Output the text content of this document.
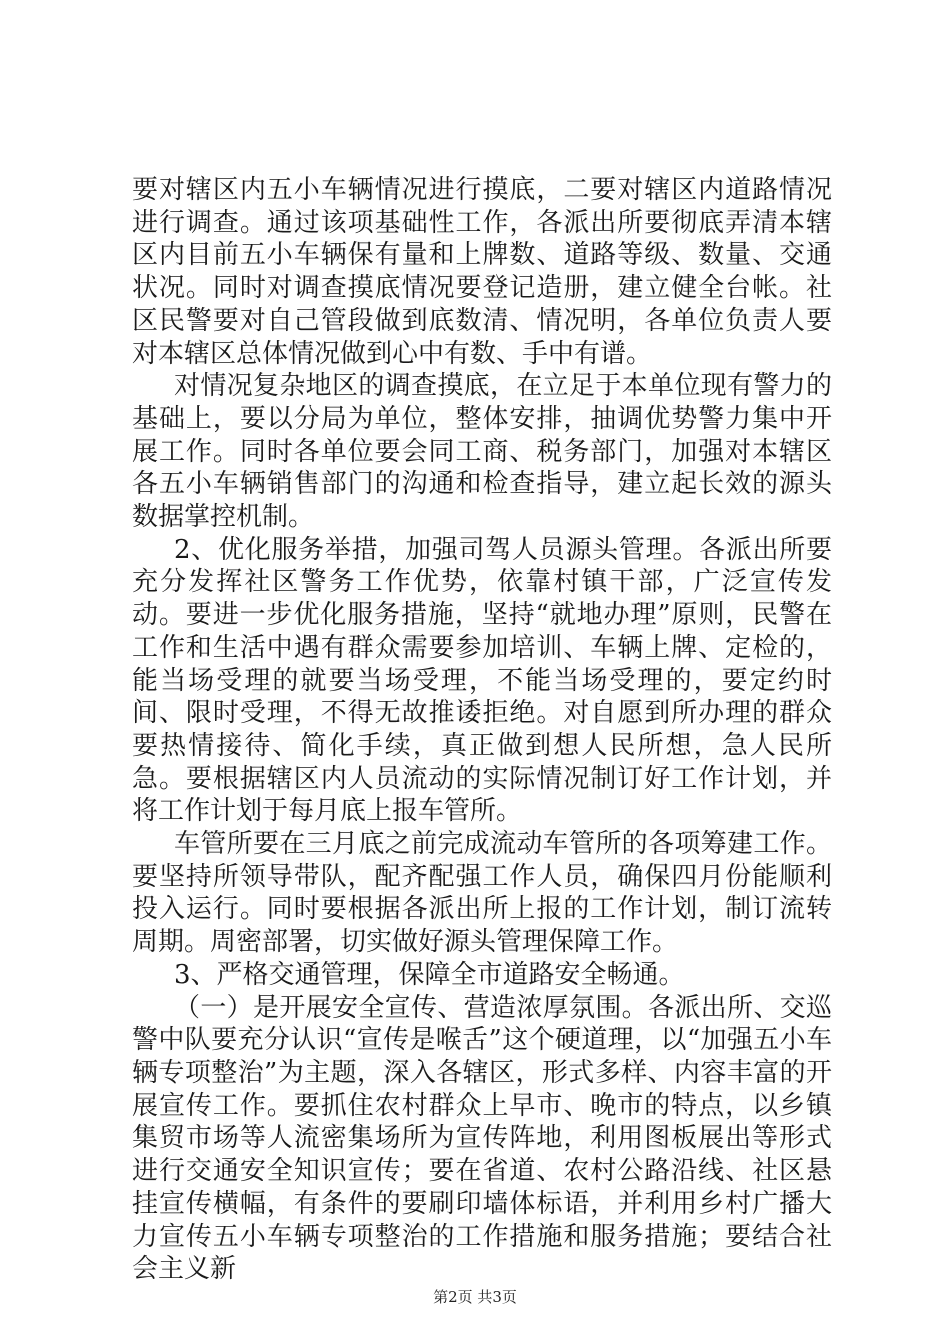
要对辖区内五小车辆情况进行摸底，二要对辖区内道路情况进行调查。通过该项基础性工作，各派出所要彻底弄清本辖区内目前五小车辆保有量和上牌数、道路等级、数量、交通状况。同时对调查摸底情况要登记造册，建立健全台帐。社区民警要对自己管段做到底数清、情况明，各单位负责人要对本辖区总体情况做到心中有数、手中有谱。

对情况复杂地区的调查摸底，在立足于本单位现有警力的基础上，要以分局为单位，整体安排，抽调优势警力集中开展工作。同时各单位要会同工商、税务部门，加强对本辖区各五小车辆销售部门的沟通和检查指导，建立起长效的源头数据掌控机制。

2、优化服务举措，加强司驾人员源头管理。各派出所要充分发挥社区警务工作优势，依靠村镇干部，广泛宣传发动。要进一步优化服务措施，坚持“就地办理”原则，民警在工作和生活中遇有群众需要参加培训、车辆上牌、定检的，能当场受理的就要当场受理，不能当场受理的，要定约时间、限时受理，不得无故推诿拒绝。对自愿到所办理的群众要热情接待、简化手续，真正做到想人民所想，急人民所急。要根据辖区内人员流动的实际情况制订好工作计划，并将工作计划于每月底上报车管所。

车管所要在三月底之前完成流动车管所的各项筹建工作。要坚持所领导带队，配齐配强工作人员，确保四月份能顺利投入运行。同时要根据各派出所上报的工作计划，制订流转周期。周密部署，切实做好源头管理保障工作。

3、严格交通管理，保障全市道路安全畅通。

（一）是开展安全宣传、营造浓厚氛围。各派出所、交巡警中队要充分认识“宣传是喉舌”这个硬道理，以“加强五小车辆专项整治”为主题，深入各辖区，形式多样、内容丰富的开展宣传工作。要抓住农村群众上早市、晚市的特点，以乡镇集贸市场等人流密集场所为宣传阵地，利用图板展出等形式进行交通安全知识宣传；要在省道、农村公路沿线、社区悬挂宣传横幅，有条件的要刷印墙体标语，并利用乡村广播大力宣传五小车辆专项整治的工作措施和服务措施；要结合社会主义新

第2页 共3页
